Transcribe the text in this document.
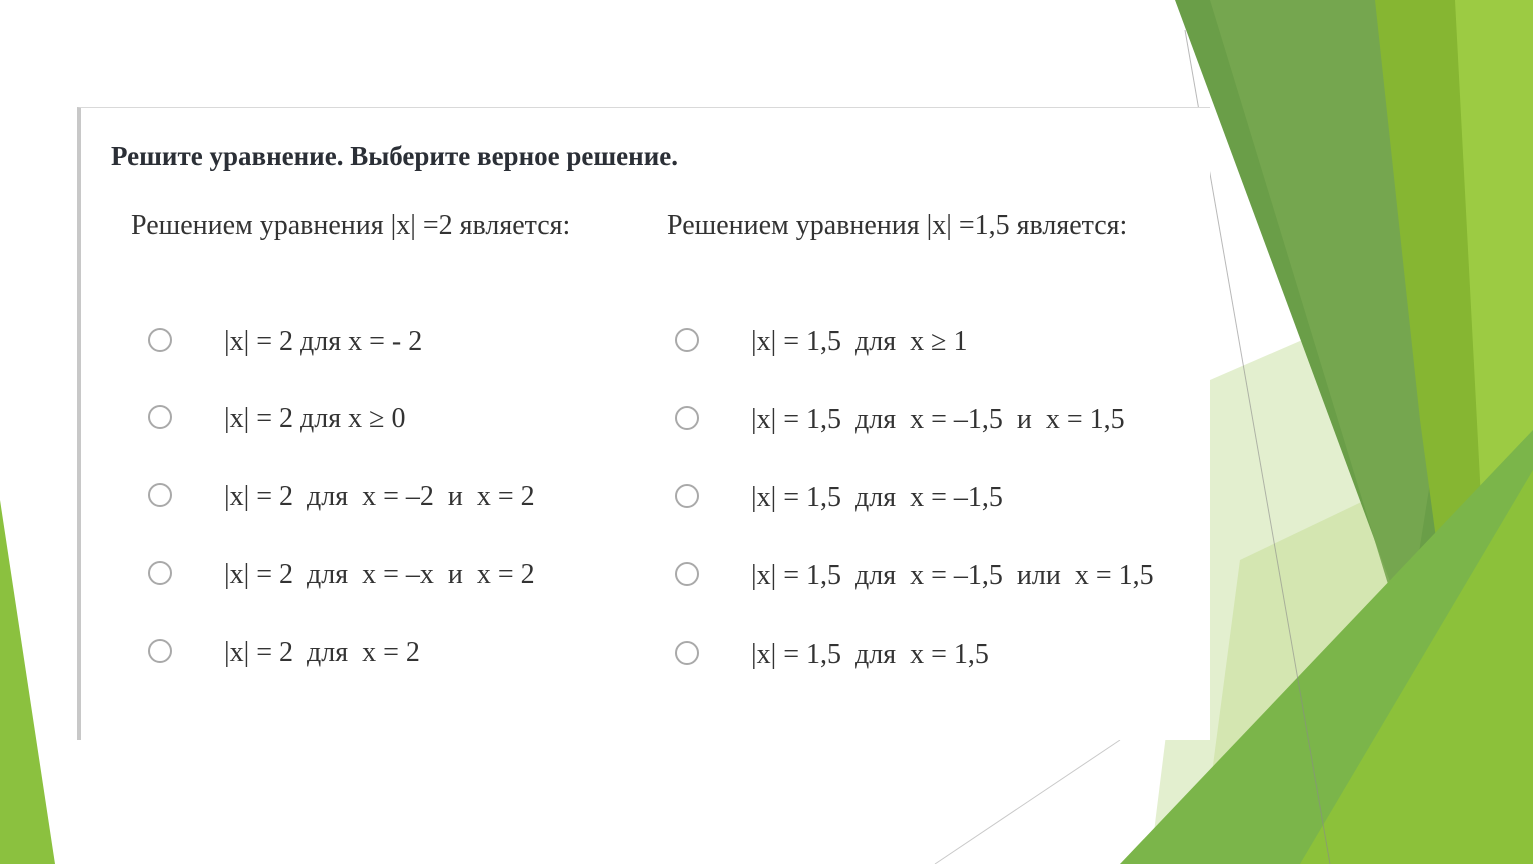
Решите уравнение. Выберите верное решение.
Решением уравнения |x| =2 является:	Решением уравнения |x| =1,5 является:
|x| = 2 для x = - 2
|x| = 2 для x ≥ 0
|x| = 2  для  x = –2  и  x = 2
|x| = 2  для  х = –x  и  x = 2
|x| = 2  для  x = 2
|x| = 1,5  для  x ≥ 1
|x| = 1,5  для  x = –1,5  и  x = 1,5
|x| = 1,5  для  x = –1,5
|x| = 1,5  для  x = –1,5  или  x = 1,5
|x| = 1,5  для  x = 1,5
